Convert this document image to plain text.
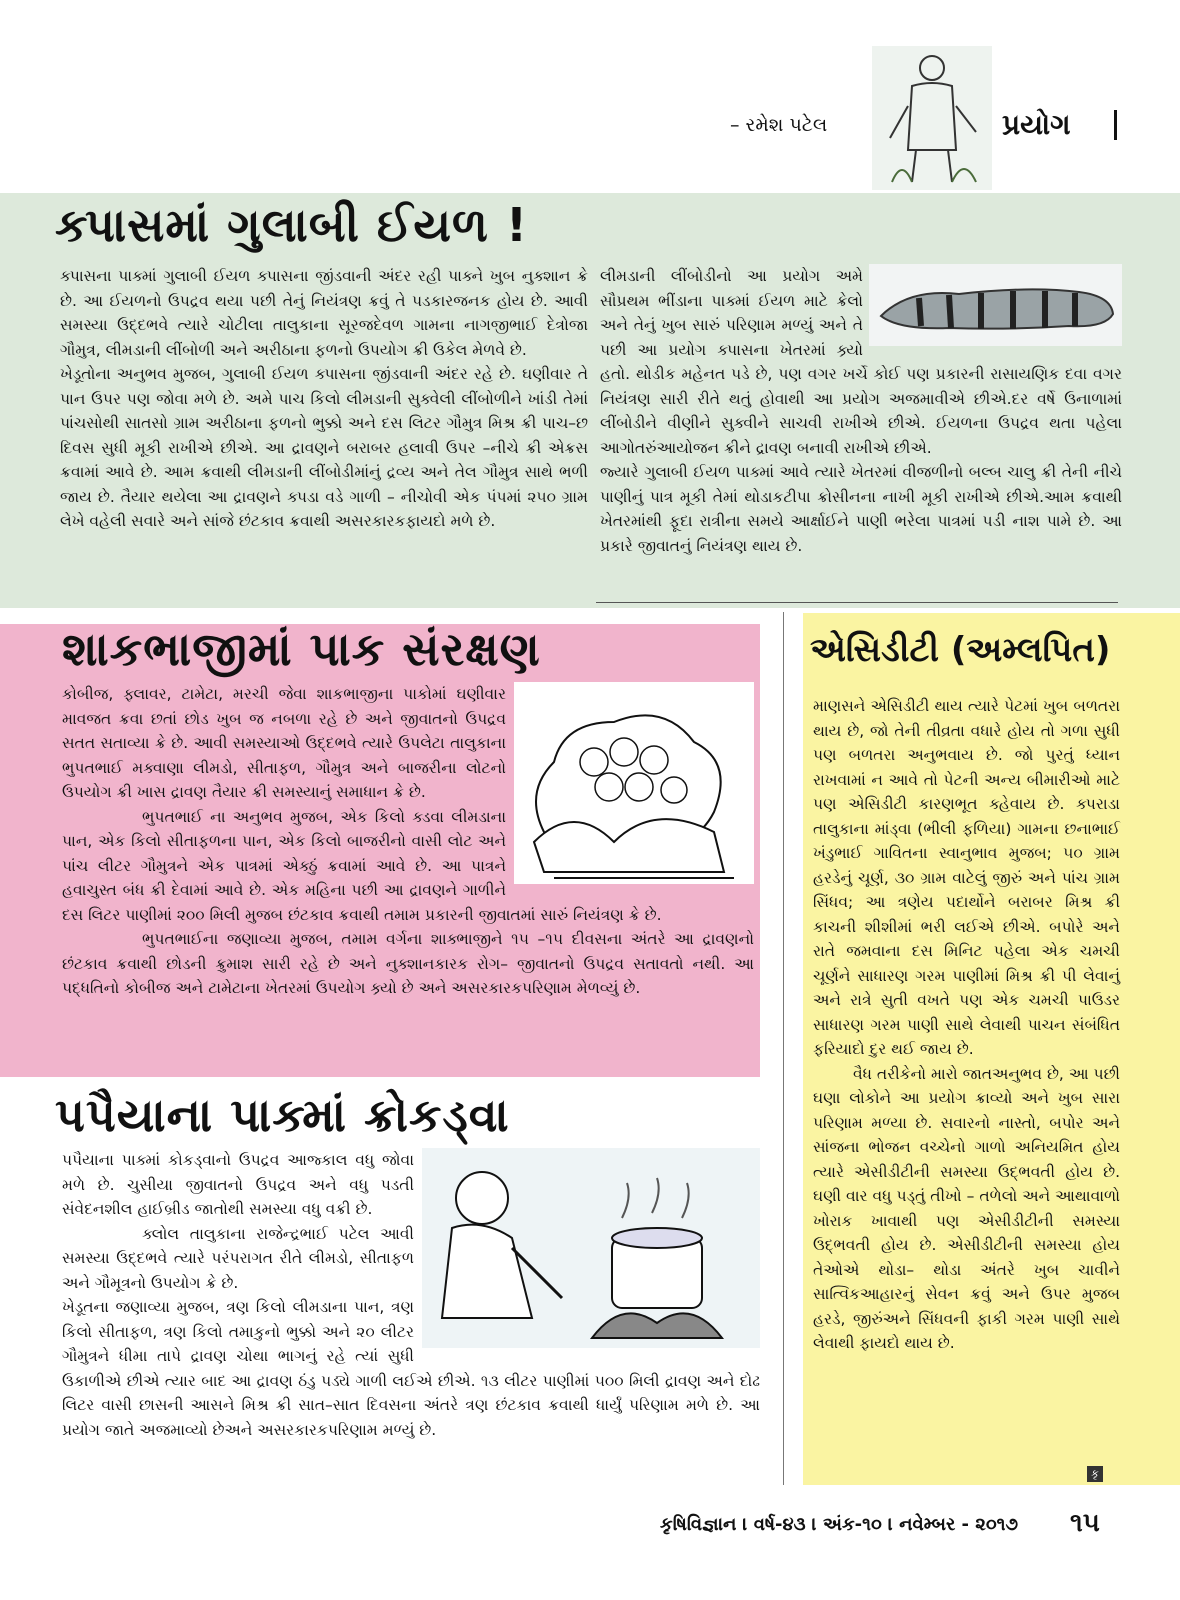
– રમેશ પટેલ	પ્રયોગ
ક્પાસમાં ગુલાબી ઈયળ !

ક્પાસના પાક્માં ગુલાબી ઈયળ ક્પાસના જીંડવાની અંદર રહી પાક્ને ખુબ નુક્શાન ક્રે છે. આ ઈયળનો ઉપદ્રવ થયા પછી તેનું નિયંત્રણ ક્રવું તે પડકારજનક હોય છે. આવી સમસ્યા ઉદ્દભવે ત્યારે ચોટીલા તાલુકાના સૂરજદેવળ ગામના નાગજીભાઈ દેત્રોજા ગૌમુત્ર, લીમડાની લીંબોળી અને અરીઠાના ફળનો ઉપયોગ ક્રી ઉકેલ મેળવે છે.

ખેડૂતોના અનુભવ મુજબ, ગુલાબી ઈયળ ક્પાસના જીંડવાની અંદર રહે છે. ઘણીવાર તે પાન ઉપર પણ જોવા મળે છે. અમે પાચ કિલો લીમડાની સુક્વેલી લીંબોળીને ખાંડી તેમાં પાંચસોથી સાતસો ગ્રામ અરીઠાના ફળનો ભુક્કો અને દસ લિટર ગૌમુત્ર મિશ્ર ક્રી પાચ–છ દિવસ સુધી મૂકી રાખીએ છીએ. આ દ્રાવણને બરાબર હલાવી ઉપર –નીચે ક્રી એક્રસ ક્રવામાં આવે છે. આમ ક્રવાથી લીમડાની લીંબોડીમાંનું દ્રવ્ય અને તેલ ગૌમુત્ર સાથે ભળી જાય છે. તૈયાર થયેલા આ દ્રાવણને ક્પડા વડે ગાળી – નીચોવી એક પંપમાં ૨૫૦ ગ્રામ લેખે વહેલી સવારે અને સાંજે છંટકાવ ક્રવાથી અસરકારકફાયદો મળે છે.

લીમડાની લીંબોડીનો આ પ્રયોગ અમે સૌપ્રથમ ભીંડાના પાક્માં ઈયળ માટે ક્રેલો અને તેનું ખુબ સારું પરિણામ મળ્યું અને તે પછી આ પ્રયોગ ક્પાસના ખેતરમાં ક્ર્યો હતો. થોડીક મહેનત પડે છે, પણ વગર ખર્ચે કોઈ પણ પ્રકારની રાસાયણિક દવા વગર નિયંત્રણ સારી રીતે થતું હોવાથી આ પ્રયોગ અજમાવીએ છીએ.દર વર્ષે ઉનાળામાં લીંબોડીને વીણીને સુક્વીને સાચવી રાખીએ છીએ. ઈયળના ઉપદ્રવ થતા પહેલા આગોતરુંઆયોજન ક્રીને દ્રાવણ બનાવી રાખીએ છીએ.

જ્યારે ગુલાબી ઈયળ પાક્માં આવે ત્યારે ખેતરમાં વીજળીનો બલ્બ ચાલુ ક્રી તેની નીચે પાણીનું પાત્ર મૂકી તેમાં થોડાકટીપા ક્રોસીનના નાખી મૂકી રાખીએ છીએ.આમ ક્રવાથી ખેતરમાંથી ફૂદા રાત્રીના સમયે આર્ક્ષાઈને પાણી ભરેલા પાત્રમાં પડી નાશ પામે છે. આ પ્રકારે જીવાતનું નિયંત્રણ થાય છે.

શાકભાજીમાં પાક સંરક્ષણ

કોબીજ, ફ્લાવર, ટામેટા, મરચી જેવા શાકભાજીના પાકોમાં ઘણીવાર માવજત ક્રવા છતાં છોડ ખુબ જ નબળા રહે છે અને જીવાતનો ઉપદ્રવ સતત સતાવ્યા ક્રે છે. આવી સમસ્યાઓ ઉદ્દભવે ત્યારે ઉપલેટા તાલુકાના ભુપતભાઈ મક્વાણા લીમડો, સીતાફળ, ગૌમુત્ર અને બાજરીના લોટનો ઉપયોગ ક્રી ખાસ દ્રાવણ તૈયાર ક્રી સમસ્યાનું સમાધાન ક્રે છે.

ભુપતભાઈ ના અનુભવ મુજબ, એક કિલો ક્ડવા લીમડાના પાન, એક કિલો સીતાફળના પાન, એક કિલો બાજરીનો વાસી લોટ અને પાંચ લીટર ગૌમુત્રને એક પાત્રમાં એક્ઠું ક્રવામાં આવે છે. આ પાત્રને હવાચુસ્ત બંધ ક્રી દેવામાં આવે છે. એક મહિના પછી આ દ્રાવણને ગાળીને દસ લિટર પાણીમાં ૨૦૦ મિલી મુજબ છંટકાવ ક્રવાથી તમામ પ્રકારની જીવાતમાં સારું નિયંત્રણ ક્રે છે.

ભુપતભાઈના જણાવ્યા મુજબ, તમામ વર્ગના શાક્ભાજીને ૧૫ –૧૫ દીવસના અંતરે આ દ્રાવણનો છંટકાવ ક્રવાથી છોડની ક્રુમાશ સારી રહે છે અને નુક્શાનકારક રોગ– જીવાતનો ઉપદ્રવ સતાવતો નથી. આ પદ્ધતિનો કોબીજ અને ટામેટાના ખેતરમાં ઉપયોગ ક્ર્યો છે અને અસરકારકપરિણામ મેળવ્યું છે.

પપૈયાના પાક્માં ક્રોકડ્વા

પપૈયાના પાક્માં કોકડ્વાનો ઉપદ્રવ આજ્કાલ વધુ જોવા મળે છે. ચુસીયા જીવાતનો ઉપદ્રવ અને વધુ પડતી સંવેદનશીલ હાઈબ્રીડ જાતોથી સમસ્યા વધુ વક્રી છે.

ક્લોલ તાલુકાના રાજેન્દ્રભાઈ પટેલ આવી સમસ્યા ઉદ્દભવે ત્યારે પરંપરાગત રીતે લીમડો, સીતાફળ અને ગૌમૂત્રનો ઉપયોગ ક્રે છે.

ખેડૂતના જણાવ્યા મુજબ, ત્રણ કિલો લીમડાના પાન, ત્રણ કિલો સીતાફળ, ત્રણ કિલો તમાકુનો ભુક્કો અને ૨૦ લીટર ગૌમુત્રને ધીમા તાપે દ્રાવણ ચોથા ભાગનું રહે ત્યાં સુધી ઉકાળીએ છીએ ત્યાર બાદ આ દ્રાવણ ઠંડુ પડ્યે ગાળી લઈએ છીએ. ૧૩ લીટર પાણીમાં ૫૦૦ મિલી દ્રાવણ અને દોઢ લિટર વાસી છાસની આસને મિશ્ર ક્રી સાત–સાત દિવસના અંતરે ત્રણ છંટકાવ ક્રવાથી ધાર્યું પરિણામ મળે છે. આ પ્રયોગ જાતે અજમાવ્યો છેઅને અસરકારકપરિણામ મળ્યું છે.

એસિડીટી (અમ્લપિત)

માણસને એસિડીટી થાય ત્યારે પેટમાં ખુબ બળતરા થાય છે, જો તેની તીવ્રતા વધારે હોય તો ગળા સુધી પણ બળતરા અનુભવાય છે. જો પુરતું ધ્યાન રાખવામાં ન આવે તો પેટની અન્ય બીમારીઓ માટે પણ એસિડીટી કારણભૂત ક્હેવાય છે. ક્પરાડા તાલુકાના માંડ્વા (ભીલી ફળિયા) ગામના છનાભાઈ ખંડુભાઈ ગાવિતના સ્વાનુભાવ મુજબ; ૫૦ ગ્રામ હરડેનું ચૂર્ણ, ૩૦ ગ્રામ વાટેલું જીરું અને પાંચ ગ્રામ સિંધવ; આ ત્રણેય પદાર્થોને બરાબર મિશ્ર ક્રી કાચની શીશીમાં ભરી લઈએ છીએ. બપોરે અને રાતે જમવાના દસ મિનિટ પહેલા એક ચમચી ચૂર્ણને સાધારણ ગરમ પાણીમાં મિશ્ર ક્રી પી લેવાનું અને રાત્રે સુતી વખતે પણ એક ચમચી પાઉડર સાધારણ ગરમ પાણી સાથે લેવાથી પાચન સંબંધિત ફરિયાદો દુર થઈ જાય છે.

વૈધ તરીકેનો મારો જાતઅનુભવ છે, આ પછી ઘણા લોકોને આ પ્રયોગ ક્રાવ્યો અને ખુબ સારા પરિણામ મળ્યા છે. સવારનો નાસ્તો, બપોર અને સાંજના ભોજન વચ્ચેનો ગાળો અનિયમિત હોય ત્યારે એસીડીટીની સમસ્યા ઉદ્ભવતી હોય છે. ઘણી વાર વધુ પડ્તું તીખો – તળેલો અને આથાવાળો ખોરાક ખાવાથી પણ એસીડીટીની સમસ્યા ઉદ્ભવતી હોય છે. એસીડીટીની સમસ્યા હોય તેઓએ થોડા– થોડા અંતરે ખુબ ચાવીને સાત્વિકઆહારનું સેવન ક્રવું અને ઉપર મુજબ હરડે, જીરુંઅને સિંધવની ફાકી ગરમ પાણી સાથે લેવાથી ફાયદો થાય છે.

કૃ
કૃષિવિજ્ઞાન । વર્ષ-૪૩ । અંક-૧૦ । નવેમ્બર - ૨૦૧૭ ૧૫
